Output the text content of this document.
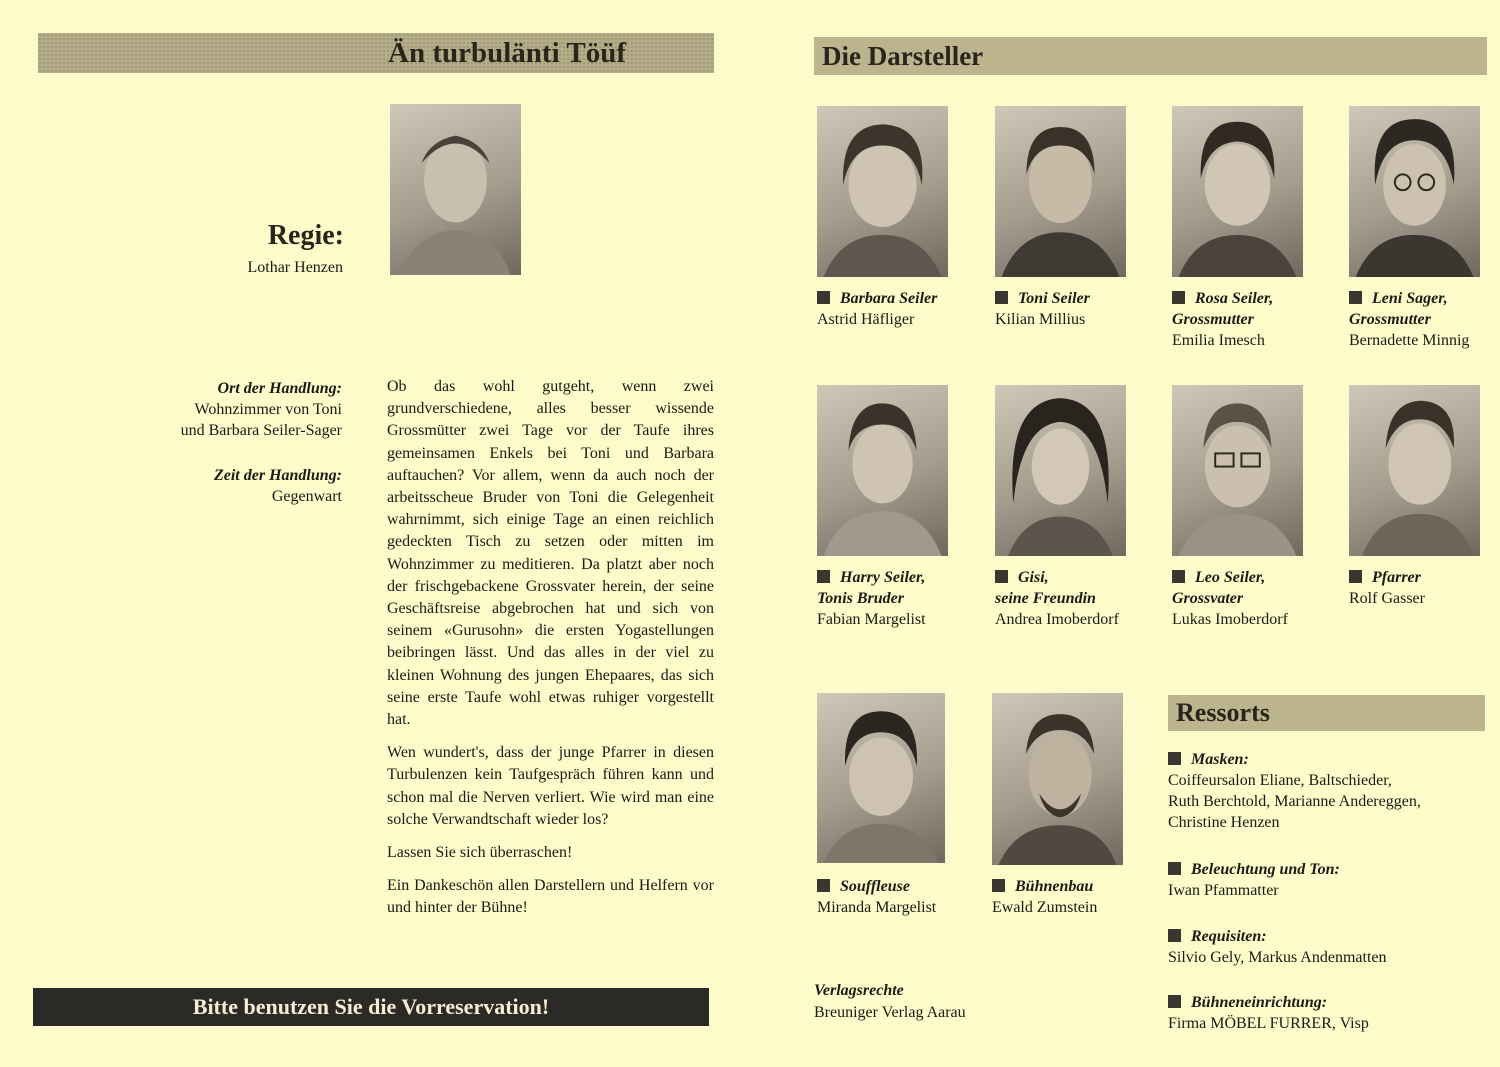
Än turbulänti Töüf
Regie:
Lothar Henzen
Ort der Handlung:
Wohnzimmer von Toni
und Barbara Seiler-Sager
Zeit der Handlung:
Gegenwart

Ob das wohl gutgeht, wenn zwei grundverschiedene, alles besser wissende Grossmütter zwei Tage vor der Taufe ihres gemeinsamen Enkels bei Toni und Barbara auftauchen? Vor allem, wenn da auch noch der arbeitsscheue Bruder von Toni die Gelegenheit wahrnimmt, sich einige Tage an einen reichlich gedeckten Tisch zu setzen oder mitten im Wohnzimmer zu meditieren. Da platzt aber noch der frischgebackene Grossvater herein, der seine Geschäftsreise abgebrochen hat und sich von seinem «Gurusohn» die ersten Yogastellungen beibringen lässt. Und das alles in der viel zu kleinen Wohnung des jungen Ehepaares, das sich seine erste Taufe wohl etwas ruhiger vorgestellt hat.

Wen wundert's, dass der junge Pfarrer in diesen Turbulenzen kein Taufgespräch führen kann und schon mal die Nerven verliert. Wie wird man eine solche Verwandtschaft wieder los?

Lassen Sie sich überraschen!

Ein Dankeschön allen Darstellern und Helfern vor und hinter der Bühne!

Bitte benutzen Sie die Vorreservation!
Die Darsteller
Barbara Seiler
Astrid Häfliger
Toni Seiler
Kilian Millius
Rosa Seiler,
Grossmutter
Emilia Imesch
Leni Sager,
Grossmutter
Bernadette Minnig
Harry Seiler,
Tonis Bruder
Fabian Margelist
Gisi,
seine Freundin
Andrea Imoberdorf
Leo Seiler,
Grossvater
Lukas Imoberdorf
Pfarrer
Rolf Gasser
Souffleuse
Miranda Margelist
Bühnenbau
Ewald Zumstein
Verlagsrechte
Breuniger Verlag Aarau
Ressorts
Masken:
Coiffeursalon Eliane, Baltschieder,
Ruth Berchtold, Marianne Andereggen,
Christine Henzen
Beleuchtung und Ton:
Iwan Pfammatter
Requisiten:
Silvio Gely, Markus Andenmatten
Bühneneinrichtung:
Firma MÖBEL FURRER, Visp
